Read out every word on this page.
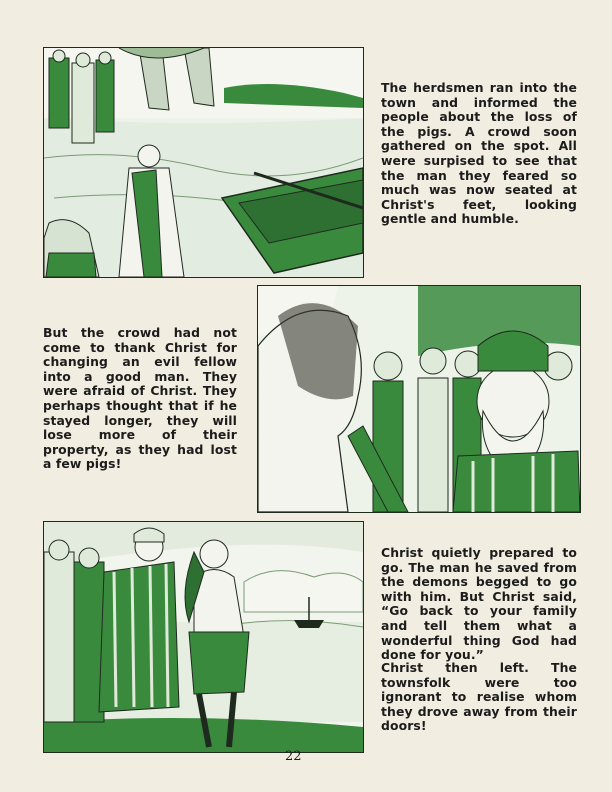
The herdsmen ran into the town and informed the people about the loss of the pigs. A crowd soon gathered on the spot. All were surpised to see that the man they feared so much was now seated at Christ's feet, looking gentle and humble.
But the crowd had not come to thank Christ for changing an evil fellow into a good man. They were afraid of Christ. They perhaps thought that if he stayed longer, they will lose more of their property, as they had lost a few pigs!
Christ quietly prepared to go. The man he saved from the demons begged to go with him. But Christ said, “Go back to your family and tell them what a wonderful thing God had done for you.”
Christ then left. The townsfolk were too ignorant to realise whom they drove away from their doors!
22
